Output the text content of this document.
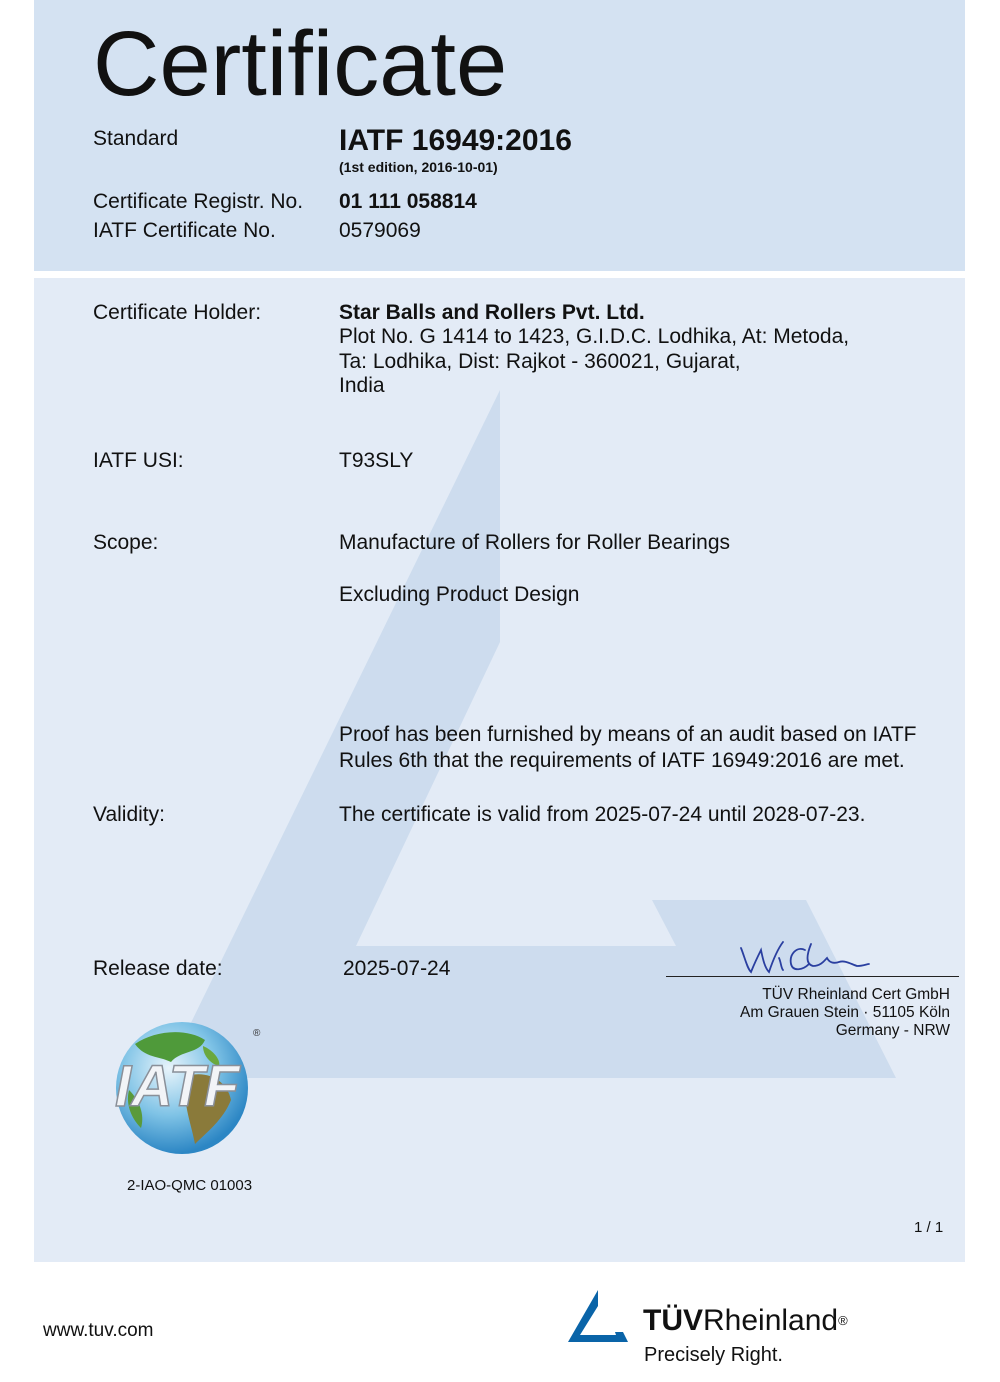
Certificate
Standard	IATF 16949:2016
(1st edition, 2016-10-01)
Certificate Registr. No. 01 111 058814
IATF Certificate No.	0579069
Certificate Holder:	Star Balls and Rollers Pvt. Ltd.
Plot No. G 1414 to 1423, G.I.D.C. Lodhika, At: Metoda,
Ta: Lodhika, Dist: Rajkot - 360021, Gujarat,
India
IATF USI:	T93SLY
Scope:	Manufacture of Rollers for Roller Bearings
Excluding Product Design
Proof has been furnished by means of an audit based on IATF
Rules 6th that the requirements of IATF 16949:2016 are met.
Validity:	The certificate is valid from 2025-07-24 until 2028-07-23.
Release date:	2025-07-24
TÜV Rheinland Cert GmbH
Am Grauen Stein · 51105 Köln
Germany - NRW
IATF
®
2-IAO-QMC 01003
1 / 1
www.tuv.com	TÜVRheinland®
Precisely Right.
